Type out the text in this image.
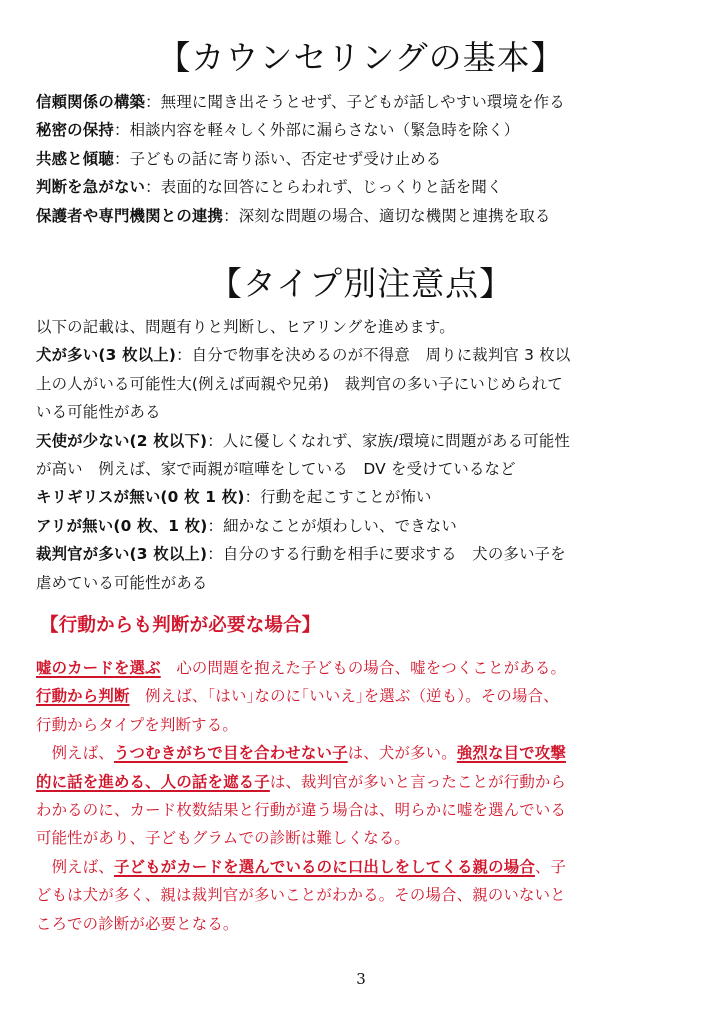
【カウンセリングの基本】
信頼関係の構築：無理に聞き出そうとせず、子どもが話しやすい環境を作る
秘密の保持：相談内容を軽々しく外部に漏らさない（緊急時を除く）
共感と傾聴：子どもの話に寄り添い、否定せず受け止める
判断を急がない：表面的な回答にとらわれず、じっくりと話を聞く
保護者や専門機関との連携：深刻な問題の場合、適切な機関と連携を取る
【タイプ別注意点】
以下の記載は、問題有りと判断し、ヒアリングを進めます。
犬が多い(3 枚以上)：自分で物事を決めるのが不得意　周りに裁判官 3 枚以
上の人がいる可能性大(例えば両親や兄弟)　裁判官の多い子にいじめられて
いる可能性がある
天使が少ない(2 枚以下)：人に優しくなれず、家族/環境に問題がある可能性
が高い　例えば、家で両親が喧嘩をしている　DV を受けているなど
キリギリスが無い(0 枚 1 枚)：行動を起こすことが怖い
アリが無い(0 枚、1 枚)：細かなことが煩わしい、できない
裁判官が多い(3 枚以上)：自分のする行動を相手に要求する　犬の多い子を
虐めている可能性がある
【行動からも判断が必要な場合】
嘘のカードを選ぶ　心の問題を抱えた子どもの場合、嘘をつくことがある。
行動から判断　例えば、｢はい｣なのに｢いいえ｣を選ぶ（逆も）。その場合、
行動からタイプを判断する。
　例えば、うつむきがちで目を合わせない子は、犬が多い。強烈な目で攻撃
的に話を進める、人の話を遮る子は、裁判官が多いと言ったことが行動から
わかるのに、カード枚数結果と行動が違う場合は、明らかに嘘を選んでいる
可能性があり、子どもグラムでの診断は難しくなる。
　例えば、子どもがカードを選んでいるのに口出しをしてくる親の場合、子
どもは犬が多く、親は裁判官が多いことがわかる。その場合、親のいないと
ころでの診断が必要となる。
3
